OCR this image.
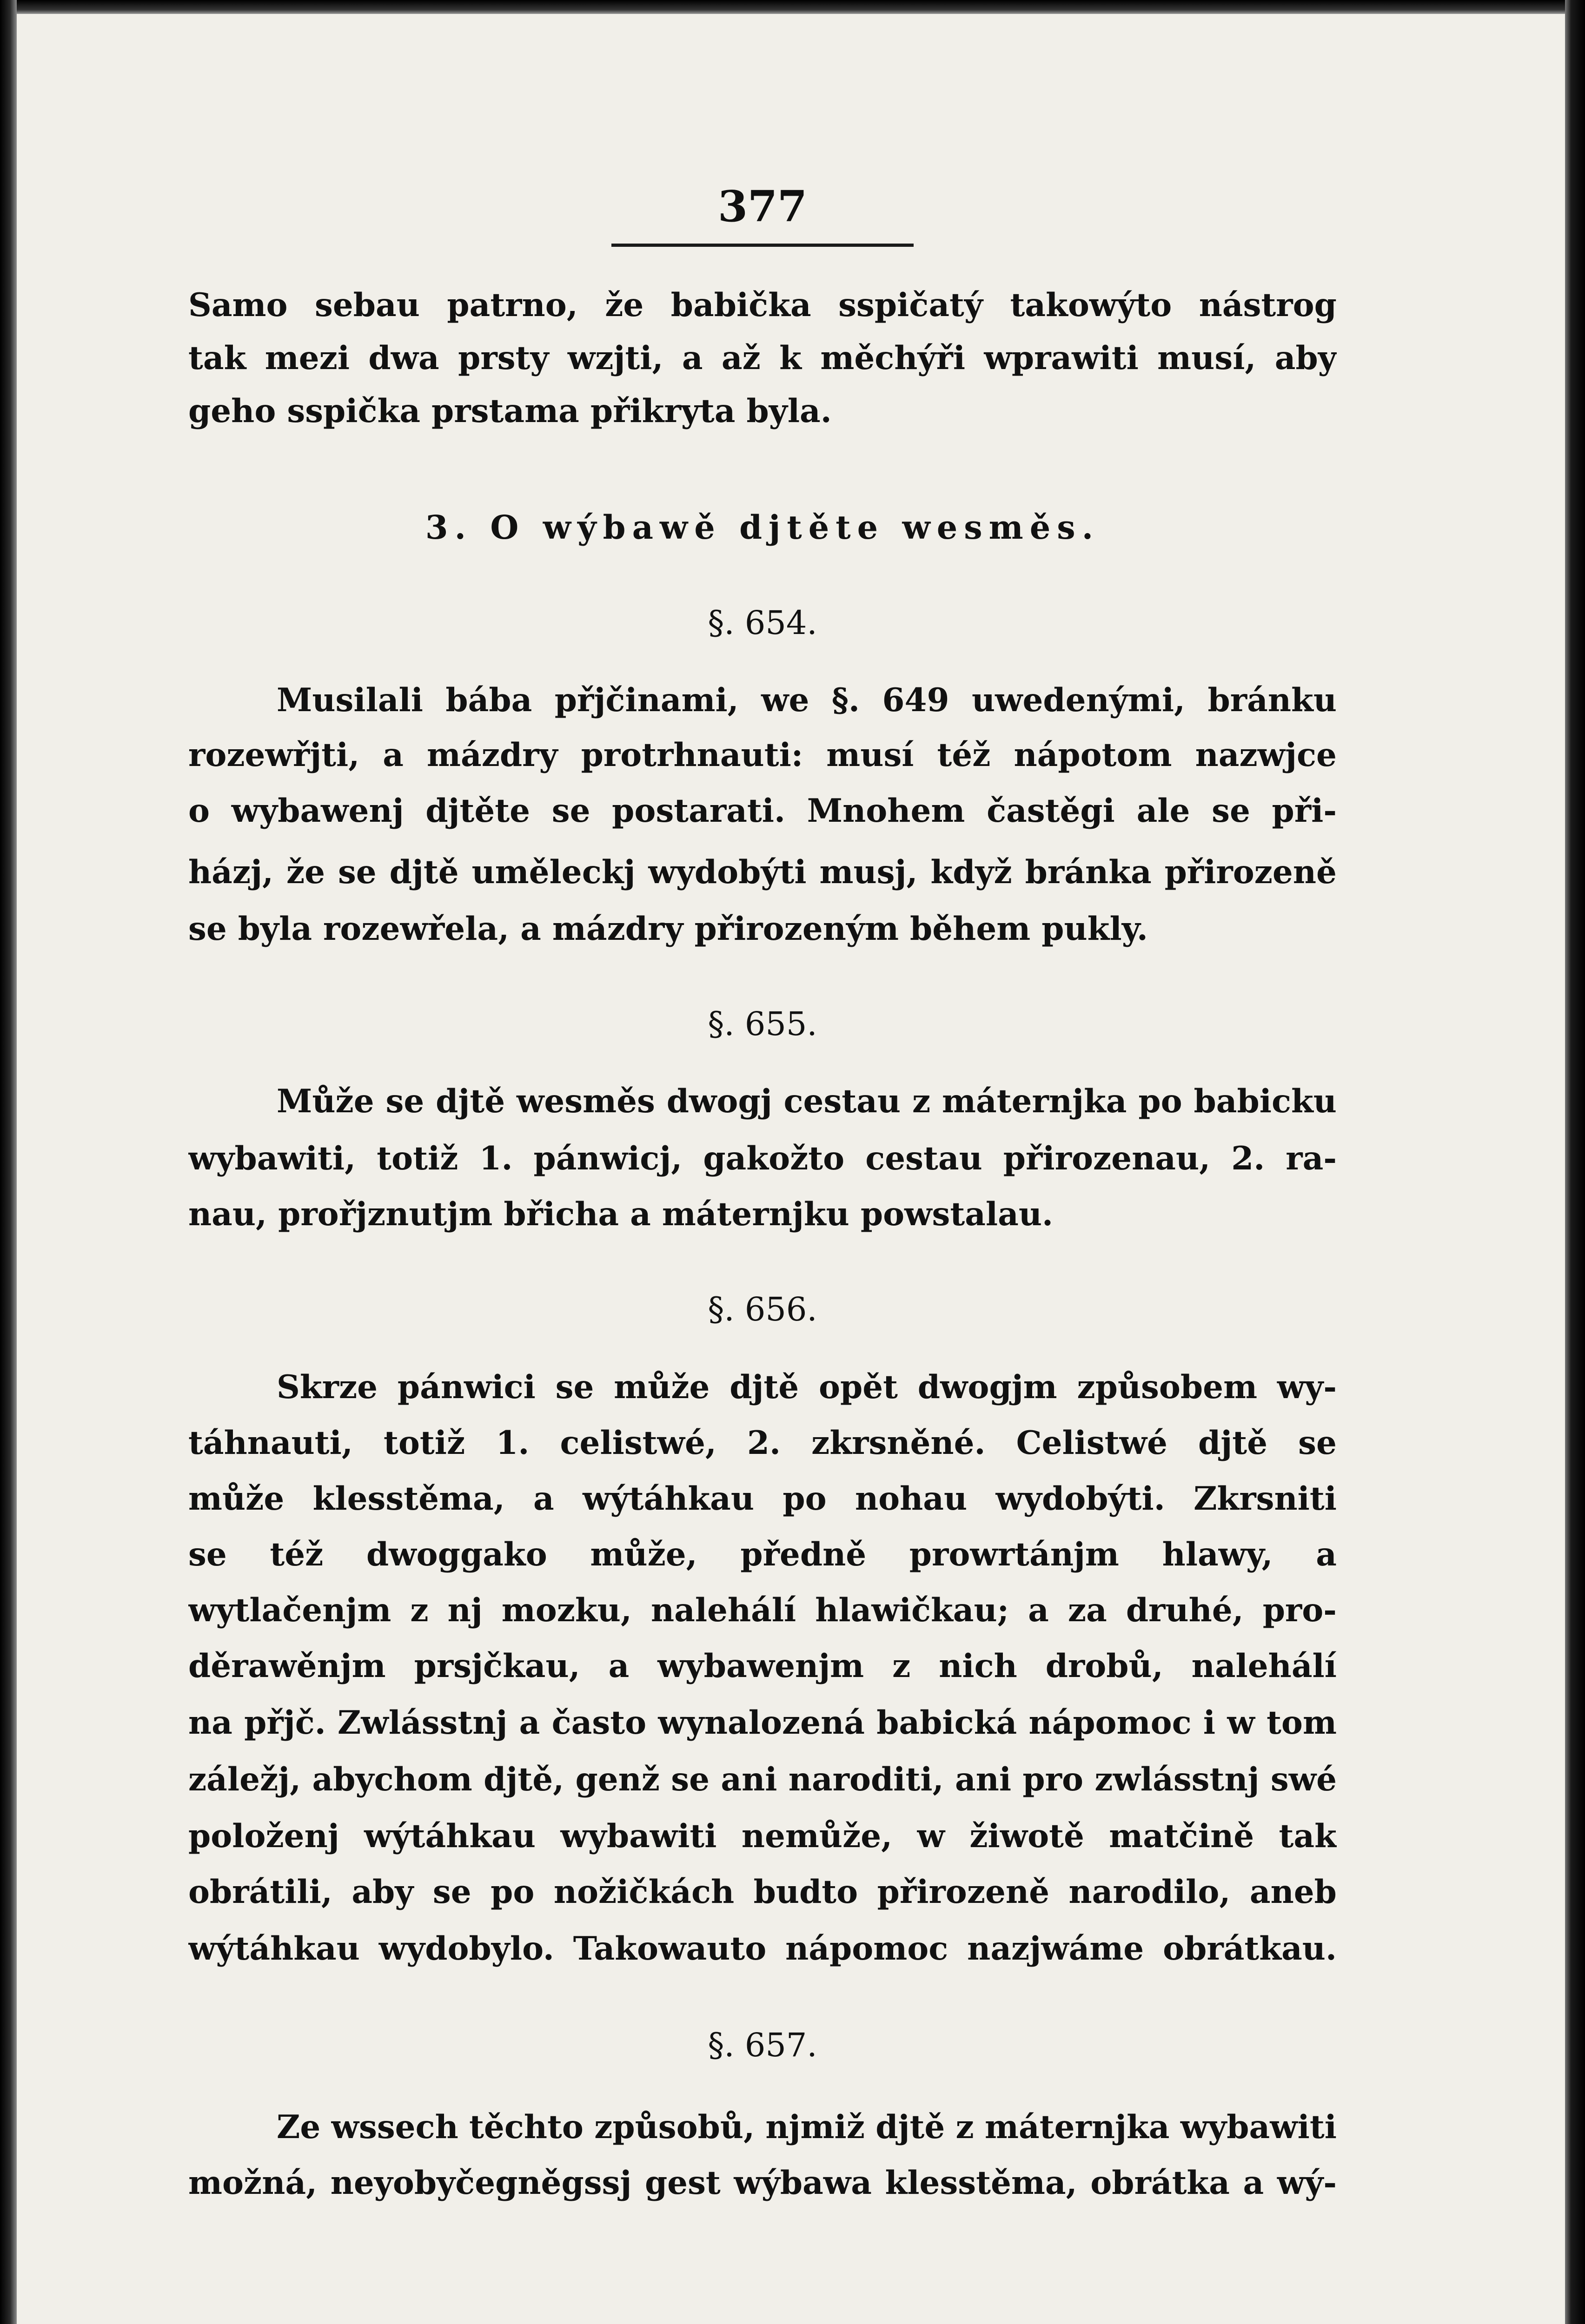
377
Samo sebau patrno, že babička sspičatý takowýto nástrog
tak mezi dwa prsty wzjti, a až k měchýři wprawiti musí, aby
geho sspička prstama přikryta byla.
3. O wýbawě djtěte wesměs.
§. 654.
Musilali bába přjčinami, we §. 649 uwedenými, bránku
rozewřjti, a mázdry protrhnauti: musí též nápotom nazwjce
o wybawenj djtěte se postarati. Mnohem častěgi ale se při-
házj, že se djtě uměleckj wydobýti musj, když bránka přirozeně
se byla rozewřela, a mázdry přirozeným během pukly.
§. 655.
Může se djtě wesměs dwogj cestau z máternjka po babicku
wybawiti, totiž 1. pánwicj, gakožto cestau přirozenau, 2. ra-
nau, prořjznutjm břicha a máternjku powstalau.
§. 656.
Skrze pánwici se může djtě opět dwogjm způsobem wy-
táhnauti, totiž 1. celistwé, 2. zkrsněné. Celistwé djtě se
může klesstěma, a wýtáhkau po nohau wydobýti. Zkrsniti
se též dwoggako může, předně prowrtánjm hlawy, a
wytlačenjm z nj mozku, nalehálí hlawičkau; a za druhé, pro-
děrawěnjm prsjčkau, a wybawenjm z nich drobů, nalehálí
na přjč. Zwlásstnj a často wynalozená babická nápomoc i w tom
záležj, abychom djtě, genž se ani naroditi, ani pro zwlásstnj swé
položenj wýtáhkau wybawiti nemůže, w žiwotě matčině tak
obrátili, aby se po nožičkách budto přirozeně narodilo, aneb
wýtáhkau wydobylo. Takowauto nápomoc nazjwáme obrátkau.
§. 657.
Ze wssech těchto způsobů, njmiž djtě z máternjka wybawiti
možná, neyobyčegněgssj gest wýbawa klesstěma, obrátka a wý-
